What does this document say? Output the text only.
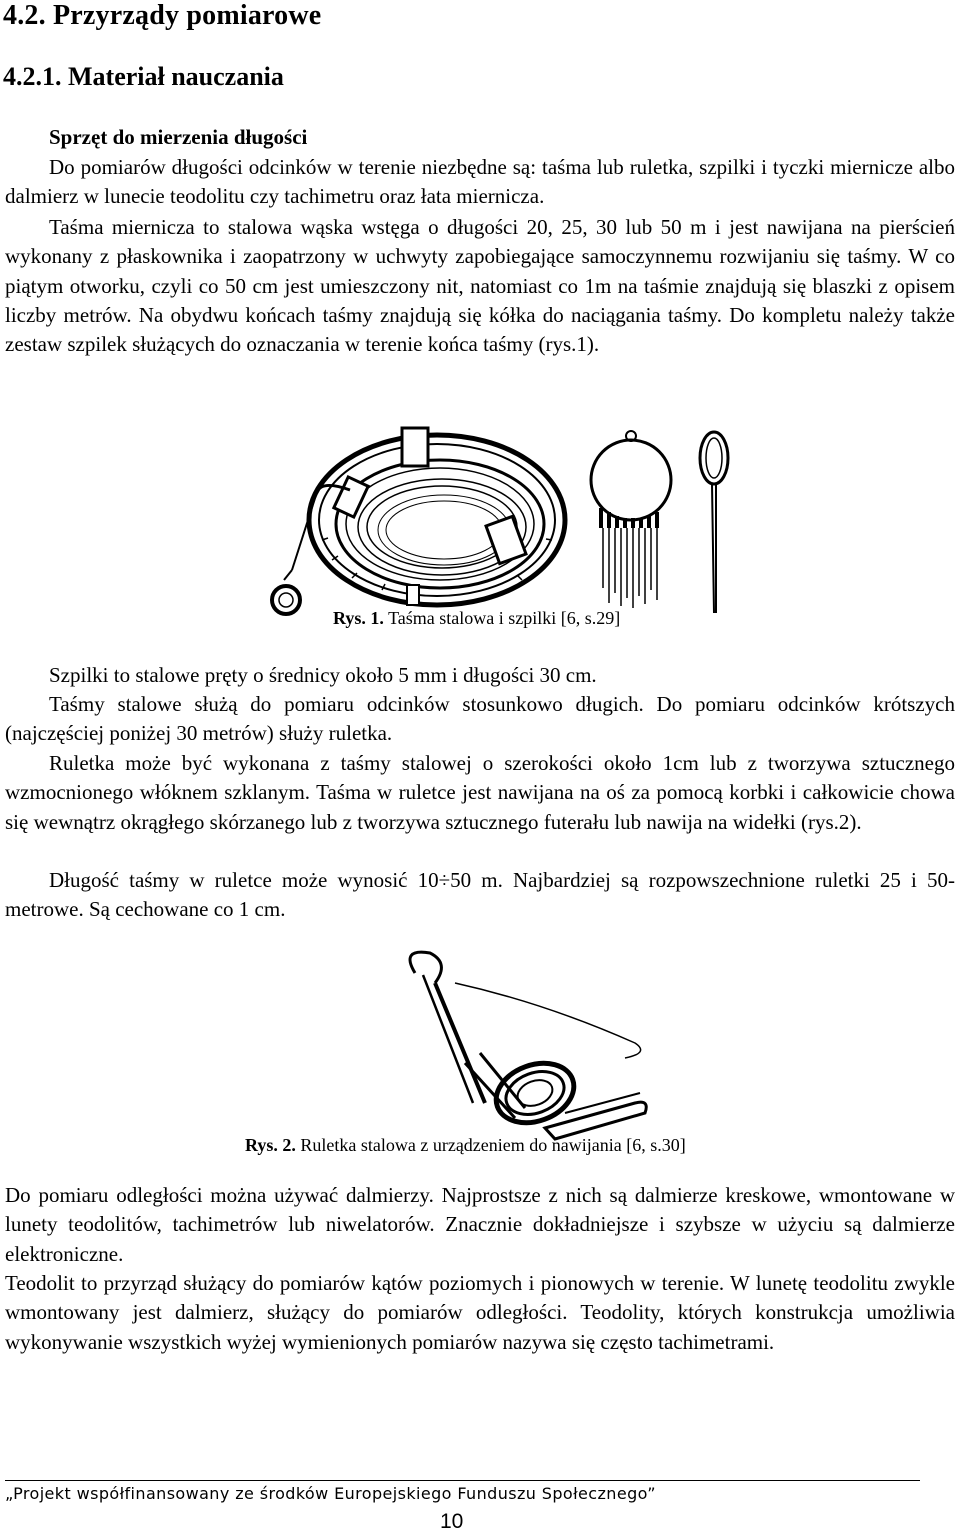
4.2. Przyrządy pomiarowe
4.2.1. Materiał nauczania
Sprzęt do mierzenia długości
Do pomiarów długości odcinków w terenie niezbędne są: taśma lub ruletka, szpilki i tyczki miernicze albo dalmierz w lunecie teodolitu czy tachimetru oraz łata miernicza.
Taśma miernicza to stalowa wąska wstęga o długości 20, 25, 30 lub 50 m i jest nawijana na pierścień wykonany z płaskownika i zaopatrzony w uchwyty zapobiegające samoczynnemu rozwijaniu się taśmy. W co piątym otworku, czyli co 50 cm jest umieszczony nit, natomiast co 1m na taśmie znajdują się blaszki z opisem liczby metrów. Na obydwu końcach taśmy znajdują się kółka do naciągania taśmy. Do kompletu należy także zestaw szpilek służących do oznaczania w terenie końca taśmy (rys.1).
Rys. 1. Taśma stalowa i szpilki [6, s.29]
Szpilki to stalowe pręty o średnicy około 5 mm i długości 30 cm.
Taśmy stalowe służą do pomiaru odcinków stosunkowo długich. Do pomiaru odcinków krótszych (najczęściej poniżej 30 metrów) służy ruletka.
Ruletka może być wykonana z taśmy stalowej o szerokości około 1cm lub z tworzywa sztucznego wzmocnionego włóknem szklanym. Taśma w ruletce jest nawijana na oś za pomocą korbki i całkowicie chowa się wewnątrz okrągłego skórzanego lub z tworzywa sztucznego futerału lub nawija na widełki (rys.2).
Długość taśmy w ruletce może wynosić 10÷50 m. Najbardziej są rozpowszechnione ruletki 25 i 50-metrowe. Są cechowane co 1 cm.
Rys. 2. Ruletka stalowa z urządzeniem do nawijania [6, s.30]
Do pomiaru odległości można używać dalmierzy. Najprostsze z nich są dalmierze kreskowe, wmontowane w lunety teodolitów, tachimetrów lub niwelatorów. Znacznie dokładniejsze i szybsze w użyciu są dalmierze elektroniczne.
Teodolit to przyrząd służący do pomiarów kątów poziomych i pionowych w terenie. W lunetę teodolitu zwykle wmontowany jest dalmierz, służący do pomiarów odległości. Teodolity, których konstrukcja umożliwia wykonywanie wszystkich wyżej wymienionych pomiarów nazywa się często tachimetrami.
„Projekt współfinansowany ze środków Europejskiego Funduszu Społecznego”
10
